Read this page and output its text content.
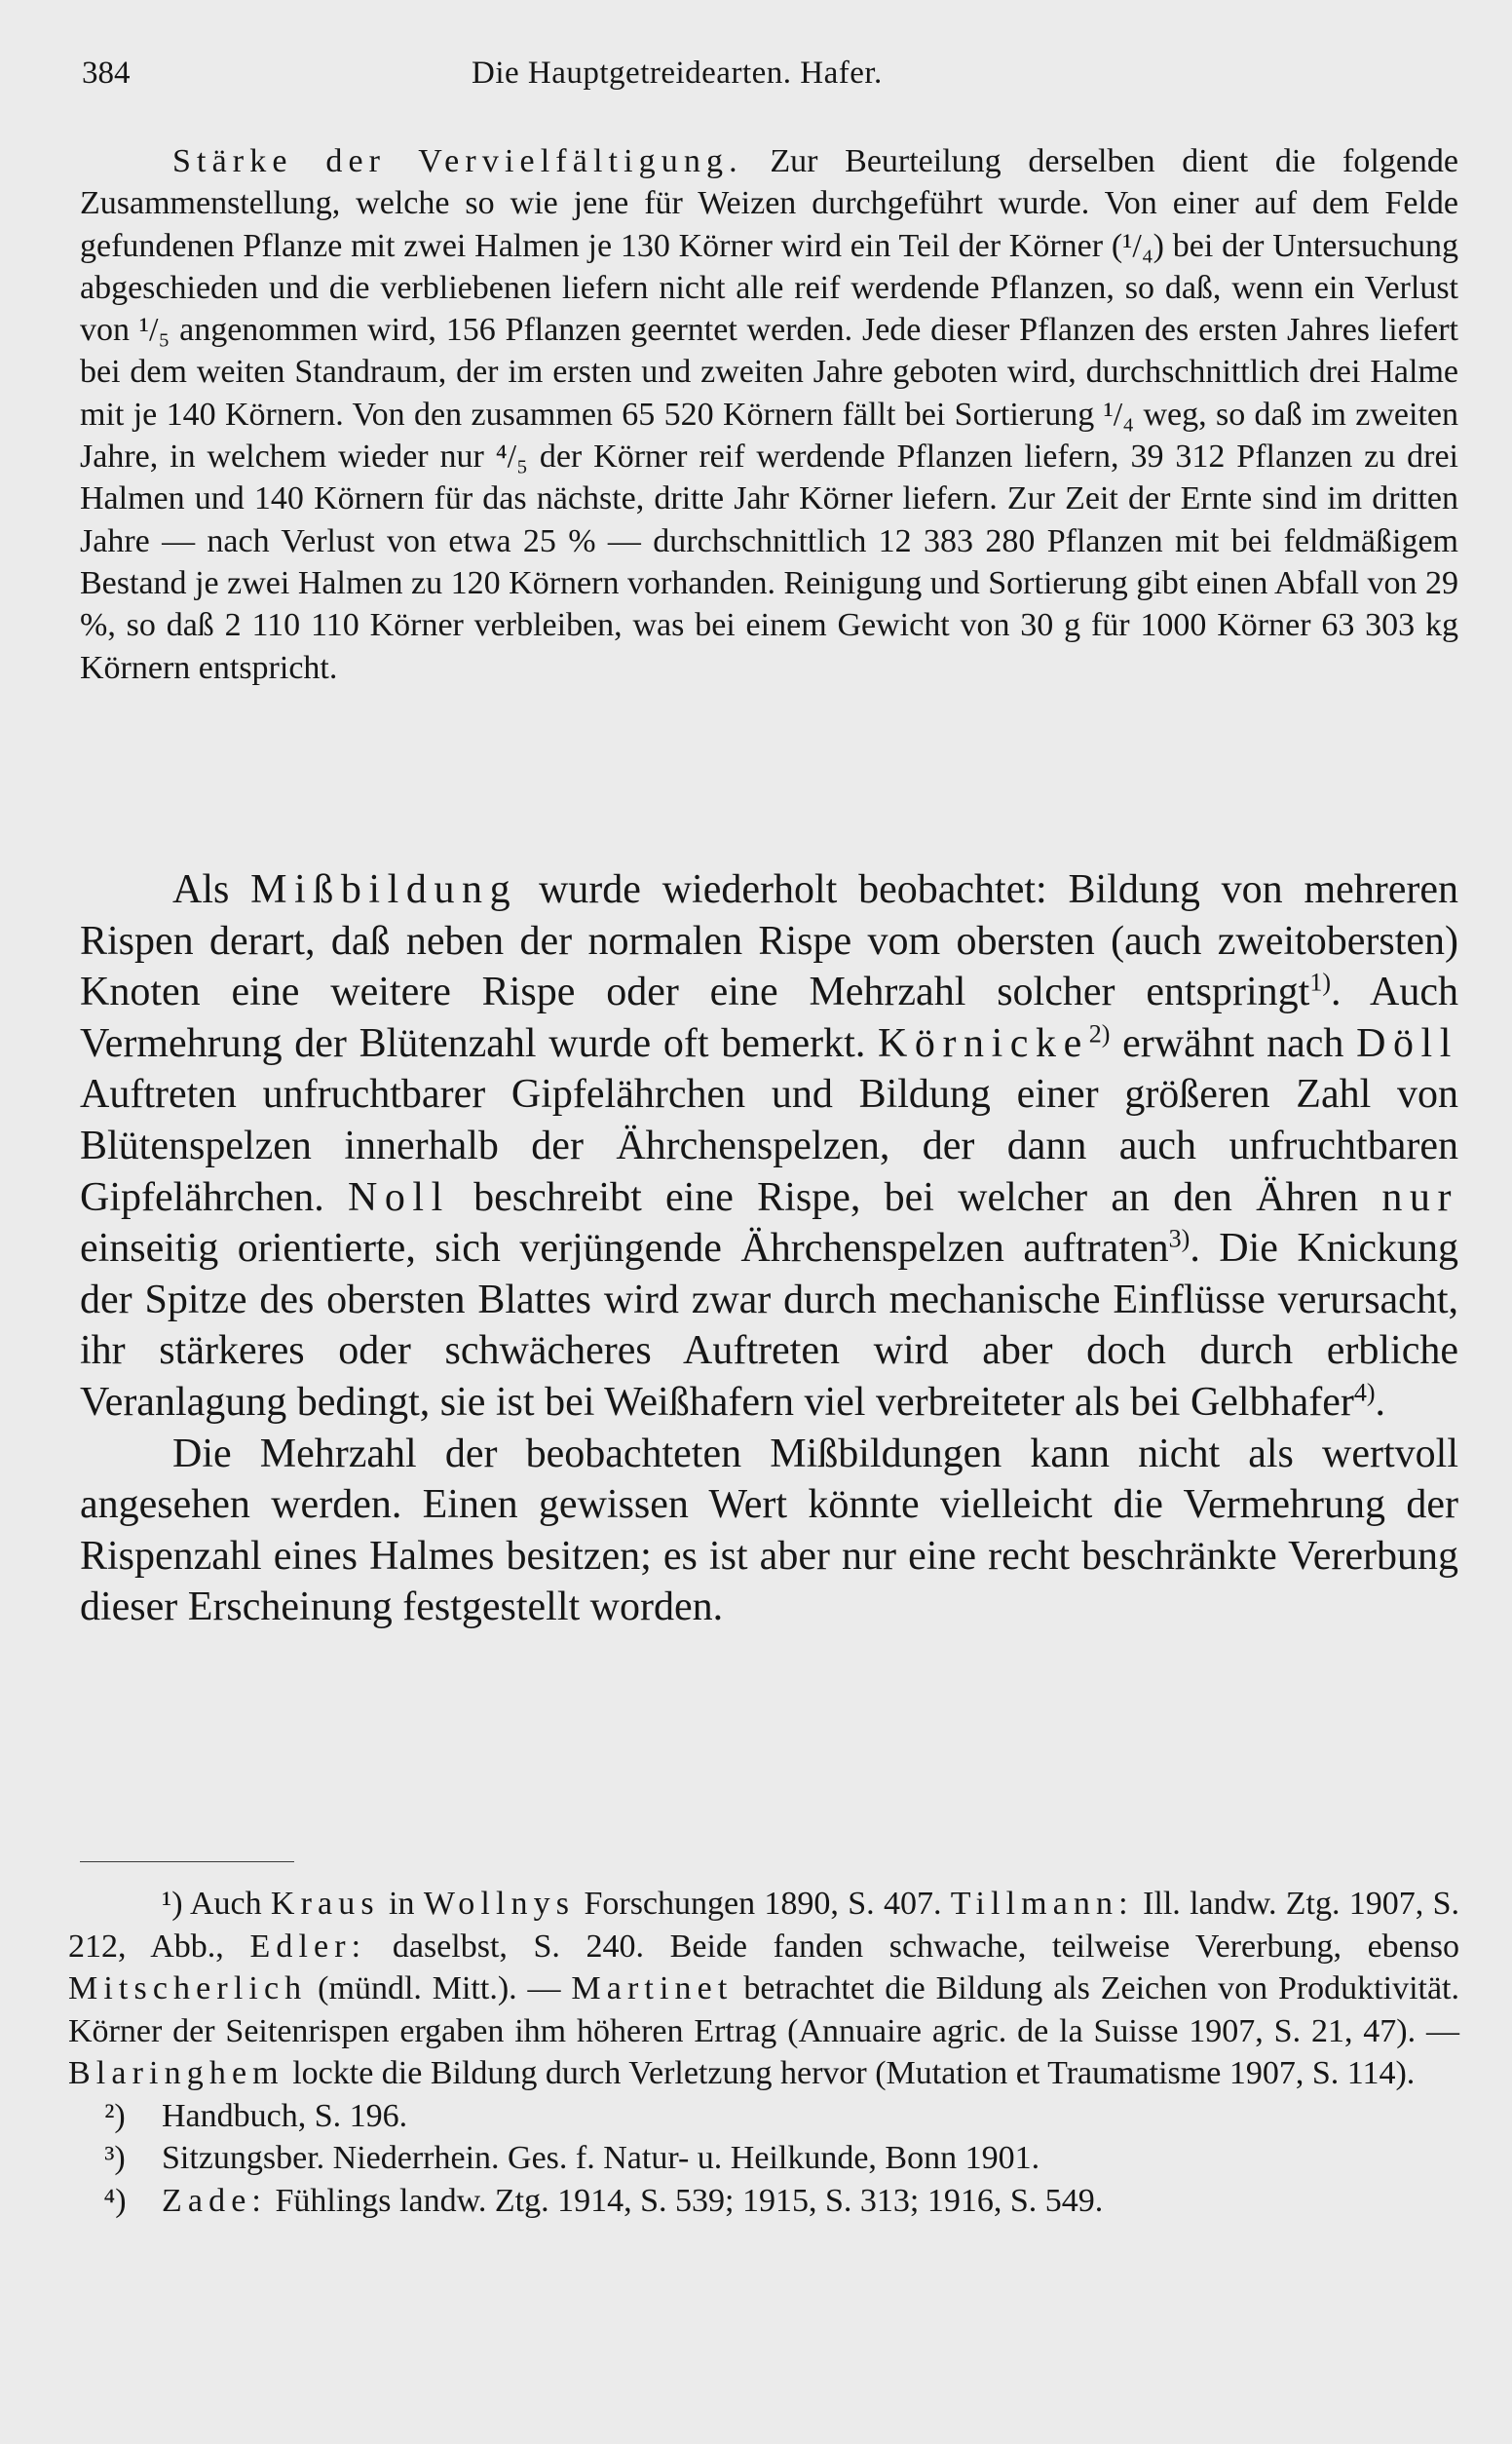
384	Die Hauptgetreidearten. Hafer.

Stärke der Vervielfältigung. Zur Beurteilung derselben dient die folgende Zusammenstellung, welche so wie jene für Weizen durchgeführt wurde. Von einer auf dem Felde gefundenen Pflanze mit zwei Halmen je 130 Körner wird ein Teil der Körner (¹/₄) bei der Untersuchung abgeschieden und die verbliebenen liefern nicht alle reif werdende Pflanzen, so daß, wenn ein Verlust von ¹/₅ angenommen wird, 156 Pflanzen geerntet werden. Jede dieser Pflanzen des ersten Jahres liefert bei dem weiten Standraum, der im ersten und zweiten Jahre geboten wird, durchschnittlich drei Halme mit je 140 Körnern. Von den zusammen 65 520 Körnern fällt bei Sortierung ¹/₄ weg, so daß im zweiten Jahre, in welchem wieder nur ⁴/₅ der Körner reif werdende Pflanzen liefern, 39 312 Pflanzen zu drei Halmen und 140 Körnern für das nächste, dritte Jahr Körner liefern. Zur Zeit der Ernte sind im dritten Jahre — nach Verlust von etwa 25 % — durchschnittlich 12 383 280 Pflanzen mit bei feldmäßigem Bestand je zwei Halmen zu 120 Körnern vorhanden. Reinigung und Sortierung gibt einen Abfall von 29 %, so daß 2 110 110 Körner verbleiben, was bei einem Gewicht von 30 g für 1000 Körner 63 303 kg Körnern entspricht.

Als Mißbildung wurde wiederholt beobachtet: Bildung von mehreren Rispen derart, daß neben der normalen Rispe vom obersten (auch zweitobersten) Knoten eine weitere Rispe oder eine Mehrzahl solcher entspringt$^{1)}$. Auch Vermehrung der Blütenzahl wurde oft bemerkt. Körnicke$^{2)}$ erwähnt nach Döll Auftreten unfruchtbarer Gipfelährchen und Bildung einer größeren Zahl von Blütenspelzen innerhalb der Ährchenspelzen, der dann auch unfruchtbaren Gipfelährchen. Noll beschreibt eine Rispe, bei welcher an den Ähren nur einseitig orientierte, sich verjüngende Ährchenspelzen auftraten$^{3)}$. Die Knickung der Spitze des obersten Blattes wird zwar durch mechanische Einflüsse verursacht, ihr stärkeres oder schwächeres Auftreten wird aber doch durch erbliche Veranlagung bedingt, sie ist bei Weißhafern viel verbreiteter als bei Gelbhafer$^{4)}$.

Die Mehrzahl der beobachteten Mißbildungen kann nicht als wertvoll angesehen werden. Einen gewissen Wert könnte vielleicht die Vermehrung der Rispenzahl eines Halmes besitzen; es ist aber nur eine recht beschränkte Vererbung dieser Erscheinung festgestellt worden.

¹) Auch Kraus in Wollnys Forschungen 1890, S. 407. Tillmann: Ill. landw. Ztg. 1907, S. 212, Abb., Edler: daselbst, S. 240. Beide fanden schwache, teilweise Vererbung, ebenso Mitscherlich (mündl. Mitt.). — Martinet betrachtet die Bildung als Zeichen von Produktivität. Körner der Seitenrispen ergaben ihm höheren Ertrag (Annuaire agric. de la Suisse 1907, S. 21, 47). — Blaringhem lockte die Bildung durch Verletzung hervor (Mutation et Traumatisme 1907, S. 114).

²) Handbuch, S. 196.

³) Sitzungsber. Niederrhein. Ges. f. Natur- u. Heilkunde, Bonn 1901.

⁴) Zade: Fühlings landw. Ztg. 1914, S. 539; 1915, S. 313; 1916, S. 549.
